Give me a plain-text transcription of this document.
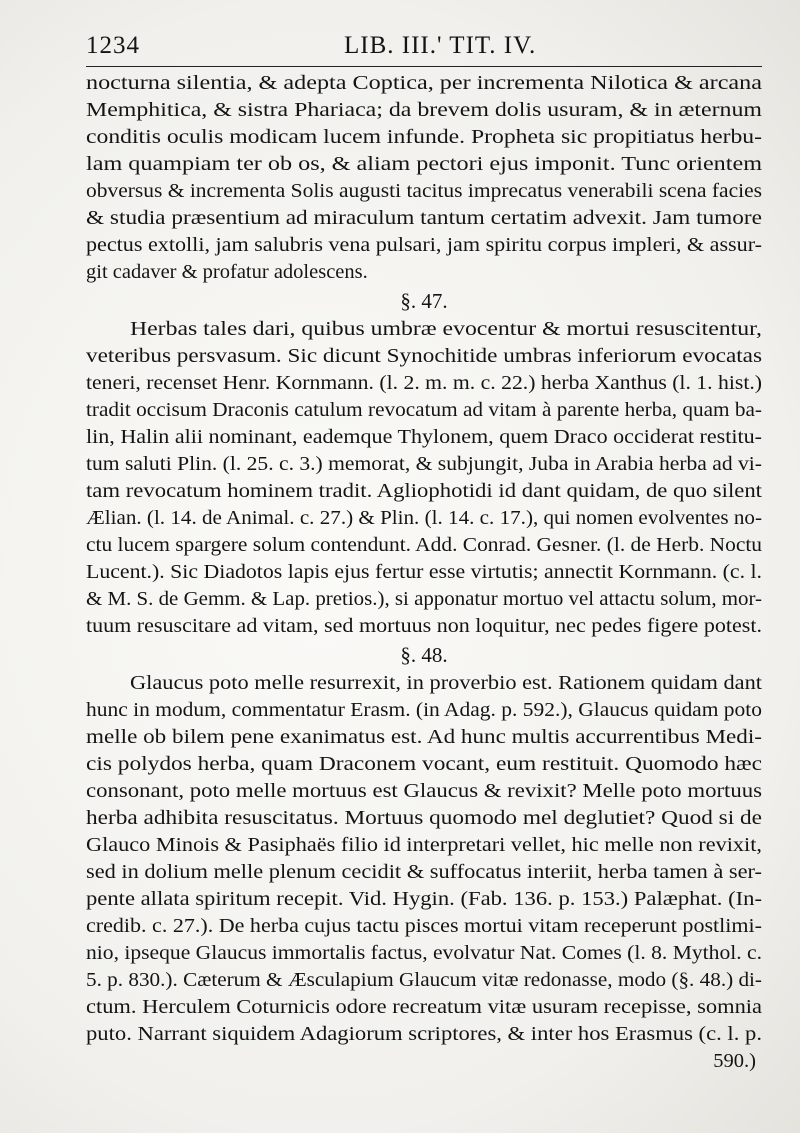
1234	LIB. III.' TIT. IV.
nocturna silentia, & adepta Coptica, per incrementa Nilotica & arcana
Memphitica, & sistra Phariaca; da brevem dolis usuram, & in æternum
conditis oculis modicam lucem infunde. Propheta sic propitiatus herbu-
lam quampiam ter ob os, & aliam pectori ejus imponit. Tunc orientem
obversus & incrementa Solis augusti tacitus imprecatus venerabili scena facies
& studia præsentium ad miraculum tantum certatim advexit. Jam tumore
pectus extolli, jam salubris vena pulsari, jam spiritu corpus impleri, & assur-
git cadaver & profatur adolescens.
§. 47.
Herbas tales dari, quibus umbræ evocentur & mortui resuscitentur,
veteribus persvasum. Sic dicunt Synochitide umbras inferiorum evocatas
teneri, recenset Henr. Kornmann. (l. 2. m. m. c. 22.) herba Xanthus (l. 1. hist.)
tradit occisum Draconis catulum revocatum ad vitam à parente herba, quam ba-
lin, Halin alii nominant, eademque Thylonem, quem Draco occiderat restitu-
tum saluti Plin. (l. 25. c. 3.) memorat, & subjungit, Juba in Arabia herba ad vi-
tam revocatum hominem tradit. Agliophotidi id dant quidam, de quo silent
Ælian. (l. 14. de Animal. c. 27.) & Plin. (l. 14. c. 17.), qui nomen evolventes no-
ctu lucem spargere solum contendunt. Add. Conrad. Gesner. (l. de Herb. Noctu
Lucent.). Sic Diadotos lapis ejus fertur esse virtutis; annectit Kornmann. (c. l.
& M. S. de Gemm. & Lap. pretios.), si apponatur mortuo vel attactu solum, mor-
tuum resuscitare ad vitam, sed mortuus non loquitur, nec pedes figere potest.
§. 48.
Glaucus poto melle resurrexit, in proverbio est. Rationem quidam dant
hunc in modum, commentatur Erasm. (in Adag. p. 592.), Glaucus quidam poto
melle ob bilem pene exanimatus est. Ad hunc multis accurrentibus Medi-
cis polydos herba, quam Draconem vocant, eum restituit. Quomodo hæc
consonant, poto melle mortuus est Glaucus & revixit? Melle poto mortuus
herba adhibita resuscitatus. Mortuus quomodo mel deglutiet? Quod si de
Glauco Minois & Pasiphaës filio id interpretari vellet, hic melle non revixit,
sed in dolium melle plenum cecidit & suffocatus interiit, herba tamen à ser-
pente allata spiritum recepit. Vid. Hygin. (Fab. 136. p. 153.) Palæphat. (In-
credib. c. 27.). De herba cujus tactu pisces mortui vitam receperunt postlimi-
nio, ipseque Glaucus immortalis factus, evolvatur Nat. Comes (l. 8. Mythol. c.
5. p. 830.). Cæterum & Æsculapium Glaucum vitæ redonasse, modo (§. 48.) di-
ctum. Herculem Coturnicis odore recreatum vitæ usuram recepisse, somnia
puto. Narrant siquidem Adagiorum scriptores, & inter hos Erasmus (c. l. p.
590.)
